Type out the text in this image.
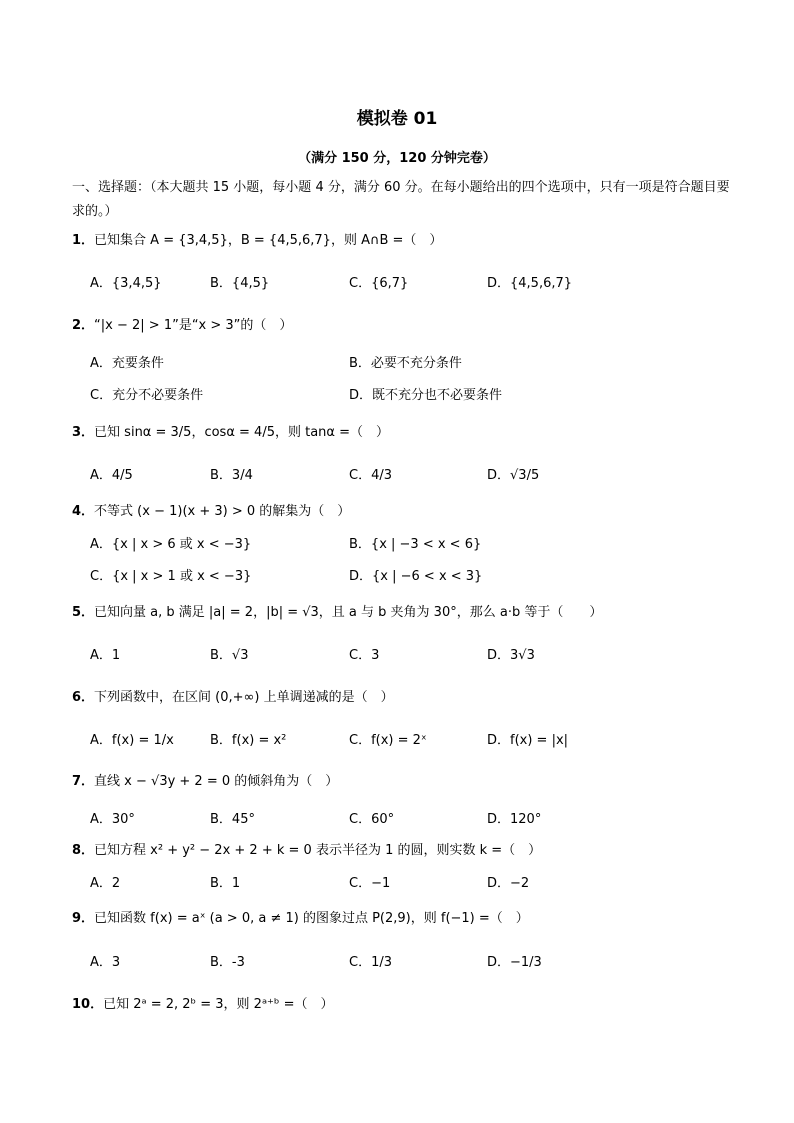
模拟卷 01
（满分 150 分，120 分钟完卷）
一、选择题：（本大题共 15 小题，每小题 4 分，满分 60 分。在每小题给出的四个选项中，只有一项是符合题目要求的。）
1．已知集合 A = {3,4,5}，B = {4,5,6,7}，则 A∩B =（　）
A．{3,4,5}	B．{4,5}	C．{6,7}	D．{4,5,6,7}
2．“|x − 2| > 1”是“x > 3”的（　）
A．充要条件	B．必要不充分条件
C．充分不必要条件	D．既不充分也不必要条件
3．已知 sinα = 3/5，cosα = 4/5，则 tanα =（　）
A．4/5	B．3/4	C．4/3	D．√3/5
4．不等式 (x − 1)(x + 3) > 0 的解集为（　）
A．{x | x > 6 或 x < −3}	B．{x | −3 < x < 6}
C．{x | x > 1 或 x < −3}	D．{x | −6 < x < 3}
5．已知向量 a, b 满足 |a| = 2，|b| = √3，且 a 与 b 夹角为 30°，那么 a·b 等于（　　）
A．1	B．√3	C．3	D．3√3
6．下列函数中，在区间 (0,+∞) 上单调递减的是（　）
A．f(x) = 1/x	B．f(x) = x²	C．f(x) = 2ˣ	D．f(x) = |x|
7．直线 x − √3y + 2 = 0 的倾斜角为（　）
A．30°	B．45°	C．60°	D．120°
8．已知方程 x² + y² − 2x + 2 + k = 0 表示半径为 1 的圆，则实数 k =（　）
A．2	B．1	C．−1	D．−2
9．已知函数 f(x) = aˣ (a > 0, a ≠ 1) 的图象过点 P(2,9)，则 f(−1) =（　）
A．3	B．-3	C．1/3	D．−1/3
10．已知 2ᵃ = 2, 2ᵇ = 3，则 2ᵃ⁺ᵇ =（　）
